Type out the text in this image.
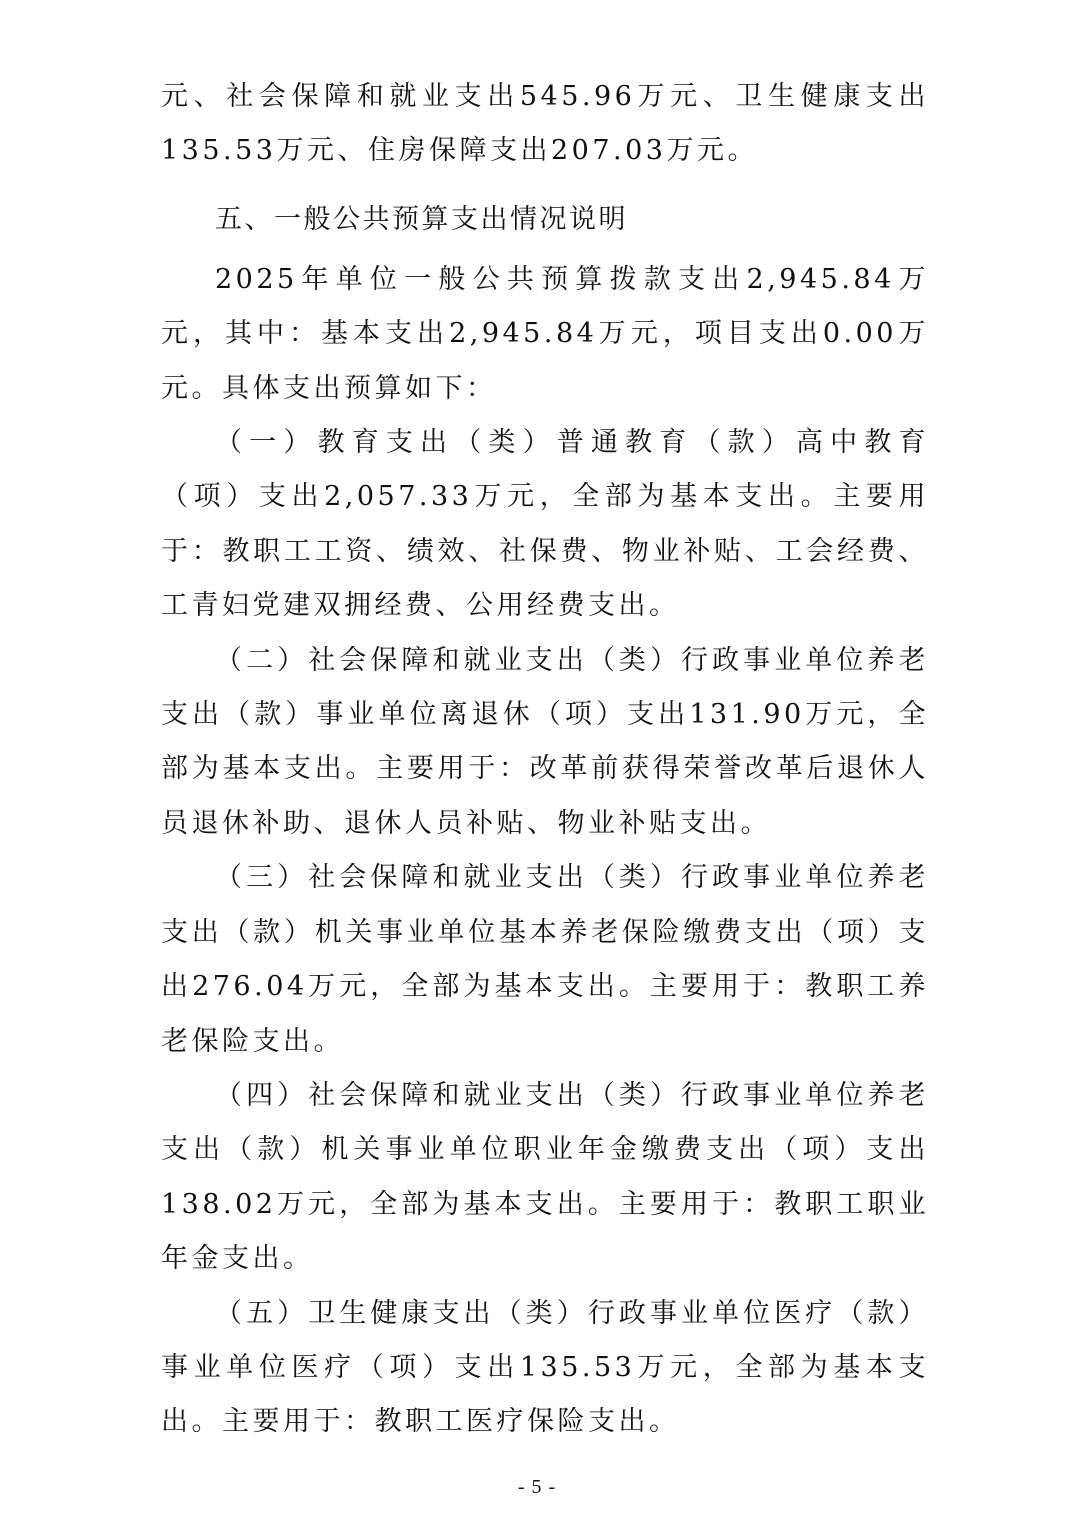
元、社会保障和就业支出545.96万元、卫生健康支出135.53万元、住房保障支出207.03万元。

五、一般公共预算支出情况说明

2025年单位一般公共预算拨款支出2,945.84万元，其中：基本支出2,945.84万元，项目支出0.00万元。具体支出预算如下：

（一）教育支出（类）普通教育（款）高中教育（项）支出2,057.33万元，全部为基本支出。主要用于：教职工工资、绩效、社保费、物业补贴、工会经费、工青妇党建双拥经费、公用经费支出。

（二）社会保障和就业支出（类）行政事业单位养老支出（款）事业单位离退休（项）支出131.90万元，全部为基本支出。主要用于：改革前获得荣誉改革后退休人员退休补助、退休人员补贴、物业补贴支出。

（三）社会保障和就业支出（类）行政事业单位养老支出（款）机关事业单位基本养老保险缴费支出（项）支出276.04万元，全部为基本支出。主要用于：教职工养老保险支出。

（四）社会保障和就业支出（类）行政事业单位养老支出（款）机关事业单位职业年金缴费支出（项）支出138.02万元，全部为基本支出。主要用于：教职工职业年金支出。

（五）卫生健康支出（类）行政事业单位医疗（款）事业单位医疗（项）支出135.53万元，全部为基本支出。主要用于：教职工医疗保险支出。

- 5 -
